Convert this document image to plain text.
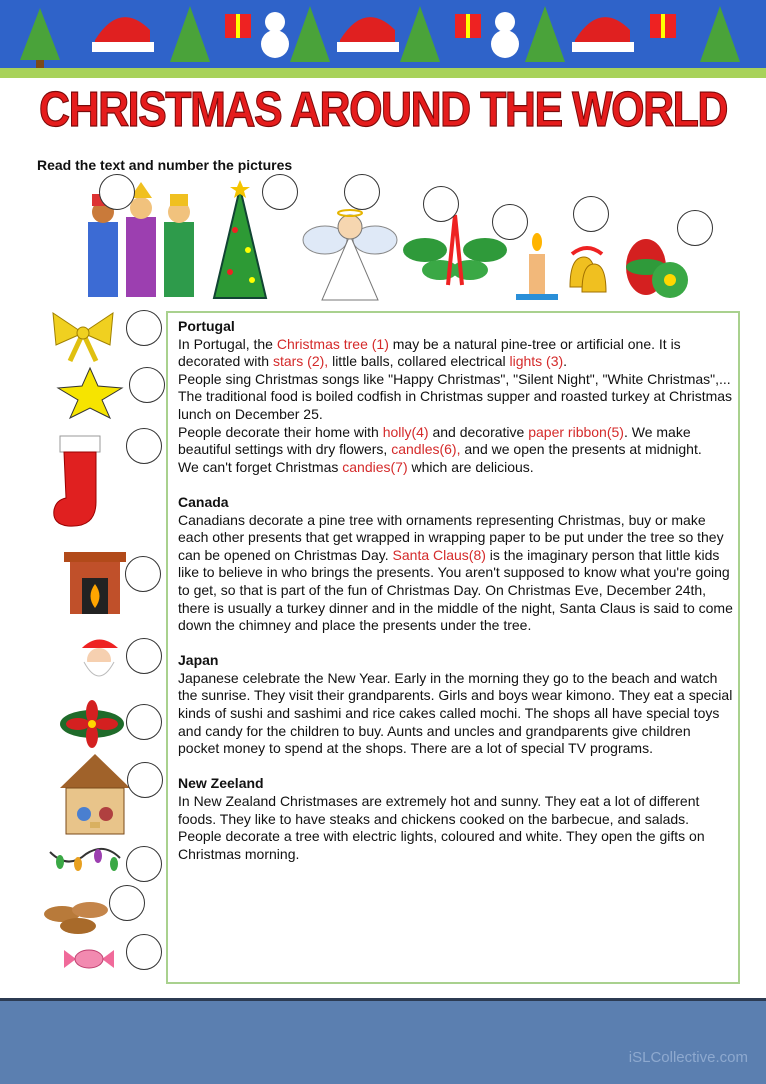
CHRISTMAS AROUND THE WORLD
Read the text and number the pictures
Portugal

In Portugal, the Christmas tree (1) may be a natural pine-tree or artificial one. It is decorated with stars (2), little balls, collared electrical lights (3).
People sing Christmas songs like "Happy Christmas", "Silent Night", "White Christmas",...
The traditional food is boiled codfish in Christmas supper and roasted turkey at Christmas lunch on December 25.
People decorate their home with holly(4) and decorative paper ribbon(5). We make beautiful settings with dry flowers, candles(6), and we open the presents at midnight.
We can't forget Christmas candies(7) which are delicious.

Canada

Canadians decorate a pine tree with ornaments representing Christmas, buy or make each other presents that get wrapped in wrapping paper to be put under the tree so they can be opened on Christmas Day. Santa Claus(8) is the imaginary person that little kids like to believe in who brings the presents. You aren't supposed to know what you're going to get, so that is part of the fun of Christmas Day. On Christmas Eve, December 24th, there is usually a turkey dinner and in the middle of the night, Santa Claus is said to come down the chimney and place the presents under the tree.

Japan

Japanese celebrate the New Year. Early in the morning they go to the beach and watch the sunrise. They visit their grandparents. Girls and boys wear kimono. They eat a special kinds of sushi and sashimi and rice cakes called mochi. The shops all have special toys and candy for the children to buy. Aunts and uncles and grandparents give children pocket money to spend at the shops. There are a lot of special TV programs.

New Zeeland

In New Zealand Christmases are extremely hot and sunny. They eat a lot of different foods. They like to have steaks and chickens cooked on the barbecue, and salads. People decorate a tree with electric lights, coloured and white. They open the gifts on Christmas morning.

iSLCollective.com
